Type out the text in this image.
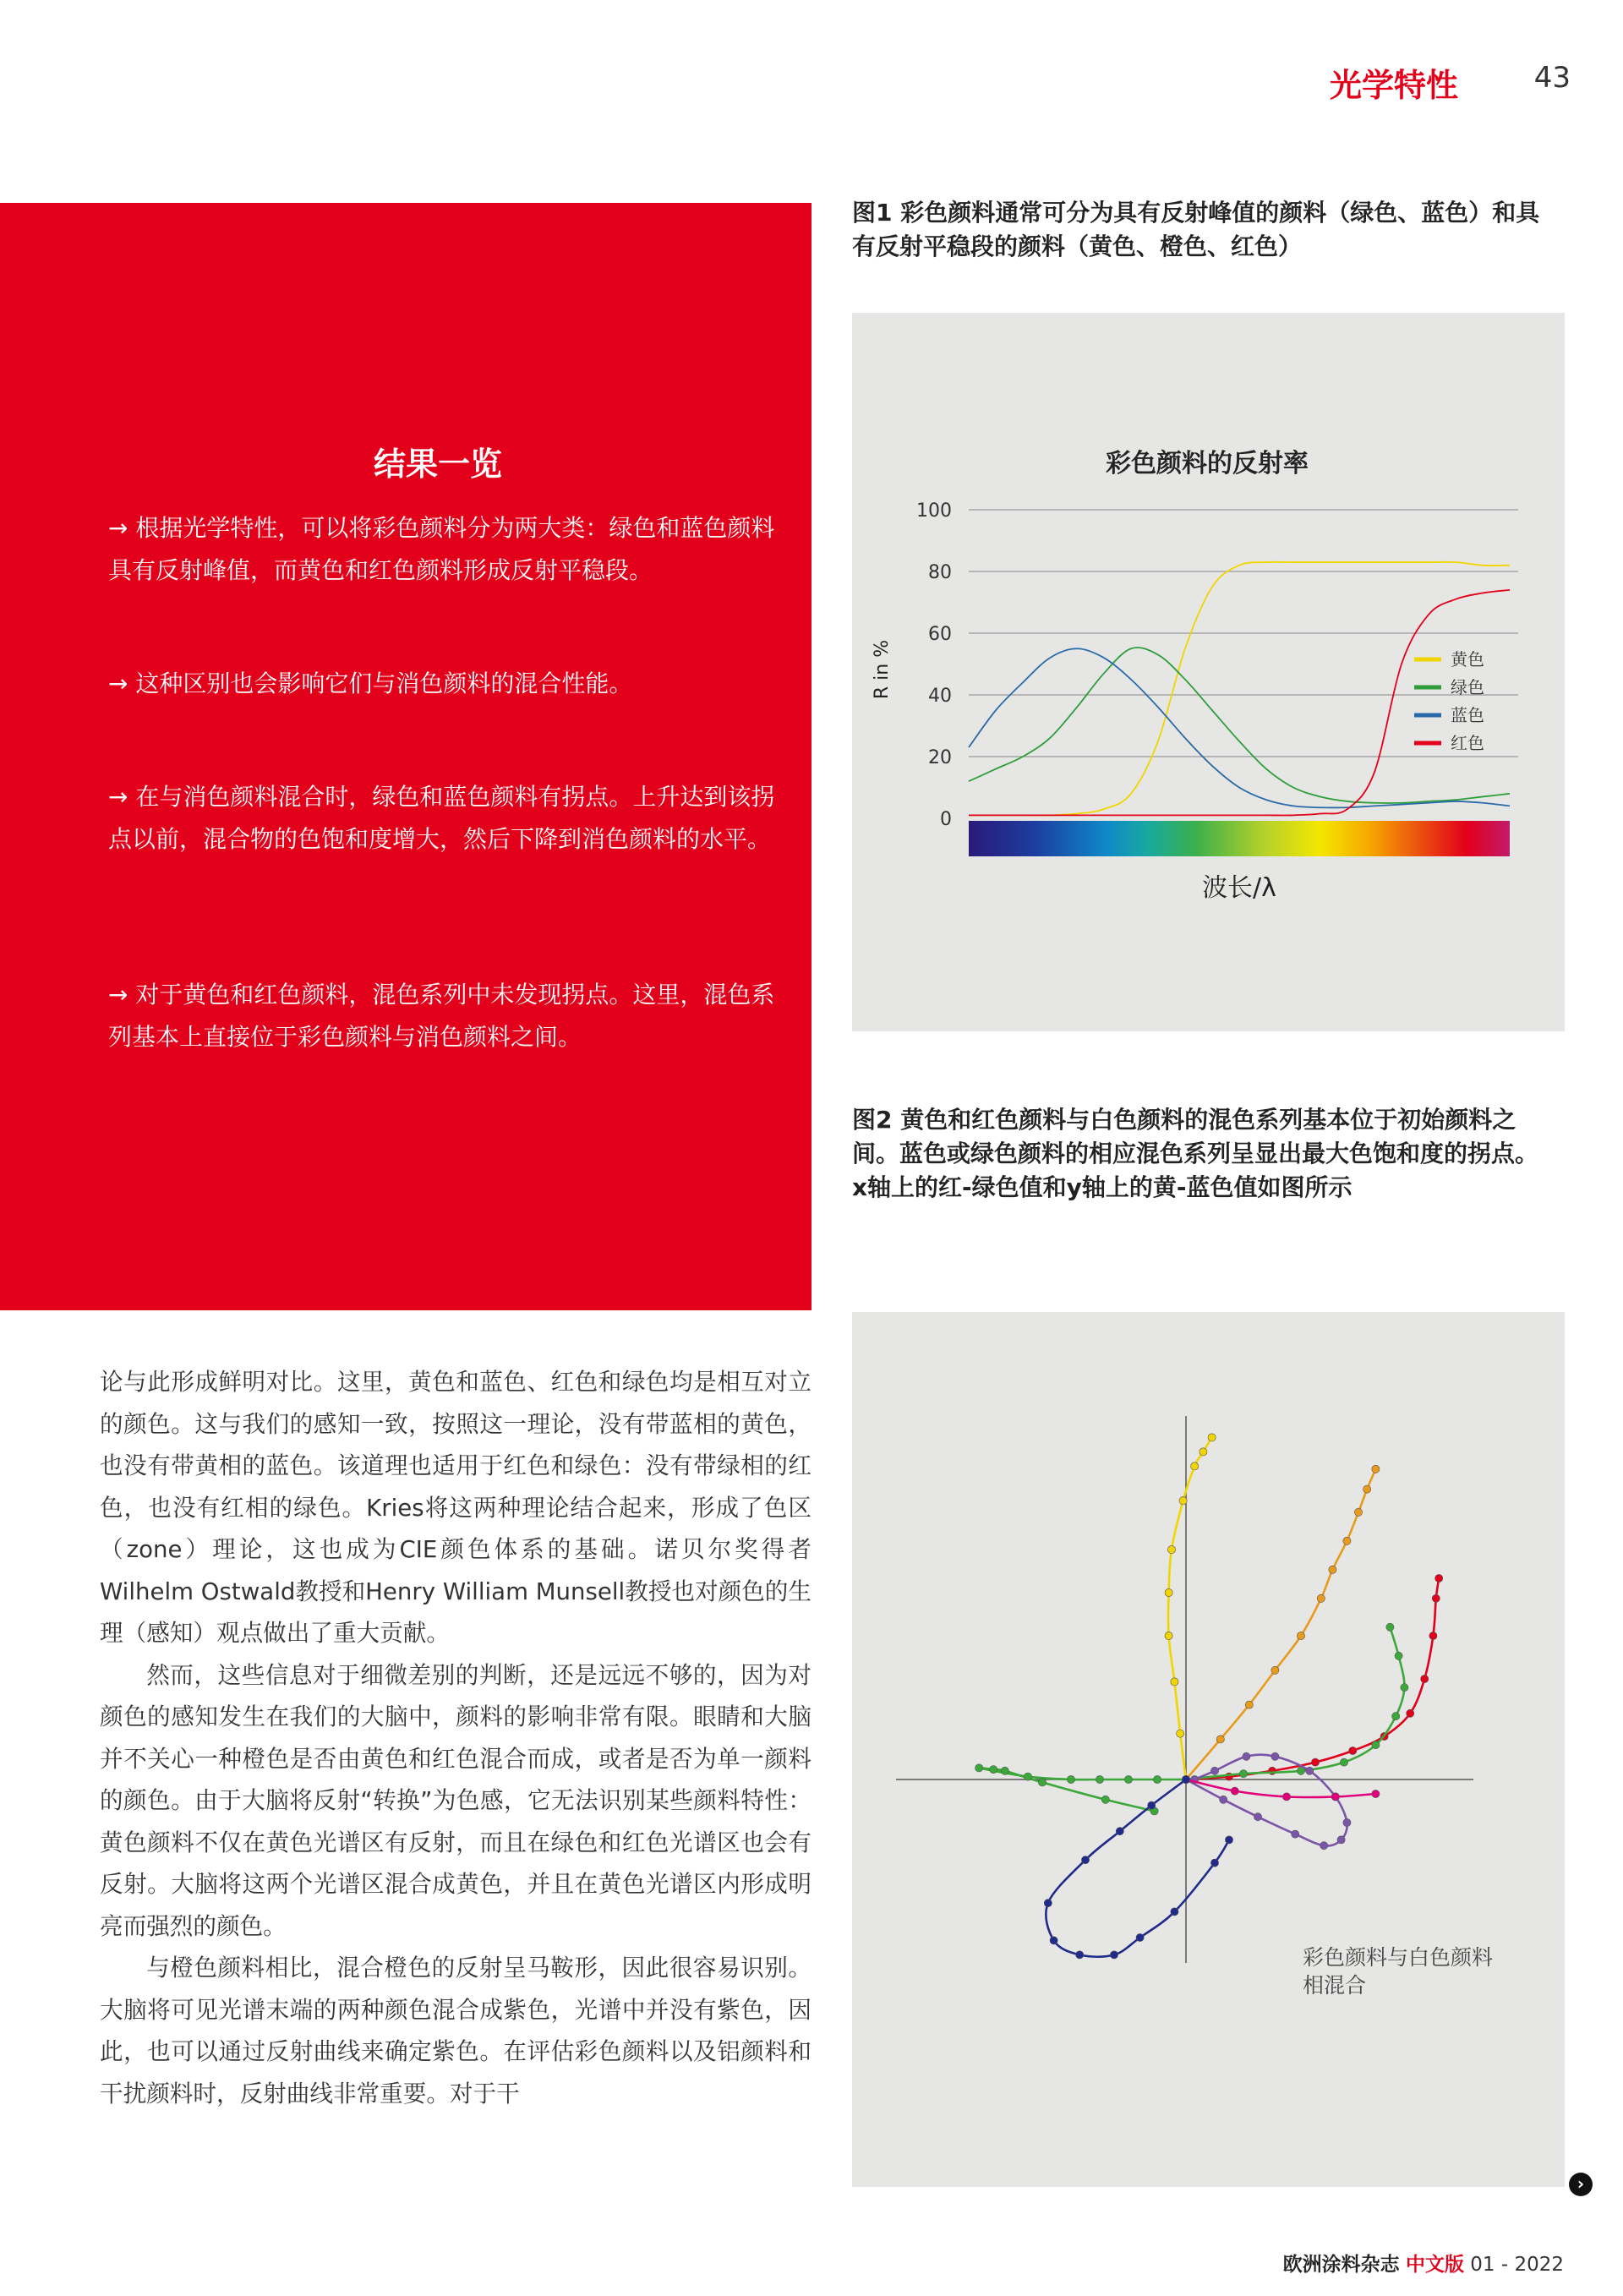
光学特性	43
结果一览
→ 根据光学特性，可以将彩色颜料分为两大类：绿色和蓝色颜料具有反射峰值，而黄色和红色颜料形成反射平稳段。
→ 这种区别也会影响它们与消色颜料的混合性能。
→ 在与消色颜料混合时，绿色和蓝色颜料有拐点。上升达到该拐点以前，混合物的色饱和度增大，然后下降到消色颜料的水平。
→ 对于黄色和红色颜料，混色系列中未发现拐点。这里，混色系列基本上直接位于彩色颜料与消色颜料之间。
图1 彩色颜料通常可分为具有反射峰值的颜料（绿色、蓝色）和具有反射平稳段的颜料（黄色、橙色、红色）
彩色颜料的反射率
0
20
40
60
80
100
R in %
波长/λ
黄色
绿色
蓝色
红色
图2 黄色和红色颜料与白色颜料的混色系列基本位于初始颜料之间。蓝色或绿色颜料的相应混色系列呈显出最大色饱和度的拐点。x轴上的红-绿色值和y轴上的黄-蓝色值如图所示
彩色颜料与白色颜料
相混合

论与此形成鲜明对比。这里，黄色和蓝色、红色和绿色均是相互对立的颜色。这与我们的感知一致，按照这一理论，没有带蓝相的黄色，也没有带黄相的蓝色。该道理也适用于红色和绿色：没有带绿相的红色，也没有红相的绿色。Kries将这两种理论结合起来，形成了色区（zone）理论，这也成为CIE颜色体系的基础。诺贝尔奖得者Wilhelm Ostwald教授和Henry William Munsell教授也对颜色的生理（感知）观点做出了重大贡献。

然而，这些信息对于细微差别的判断，还是远远不够的，因为对颜色的感知发生在我们的大脑中，颜料的影响非常有限。眼睛和大脑并不关心一种橙色是否由黄色和红色混合而成，或者是否为单一颜料的颜色。由于大脑将反射“转换”为色感，它无法识别某些颜料特性：黄色颜料不仅在黄色光谱区有反射，而且在绿色和红色光谱区也会有反射。大脑将这两个光谱区混合成黄色，并且在黄色光谱区内形成明亮而强烈的颜色。

与橙色颜料相比，混合橙色的反射呈马鞍形，因此很容易识别。大脑将可见光谱末端的两种颜色混合成紫色，光谱中并没有紫色，因此，也可以通过反射曲线来确定紫色。在评估彩色颜料以及铝颜料和干扰颜料时，反射曲线非常重要。对于干

›
欧洲涂料杂志 中文版 01 - 2022
